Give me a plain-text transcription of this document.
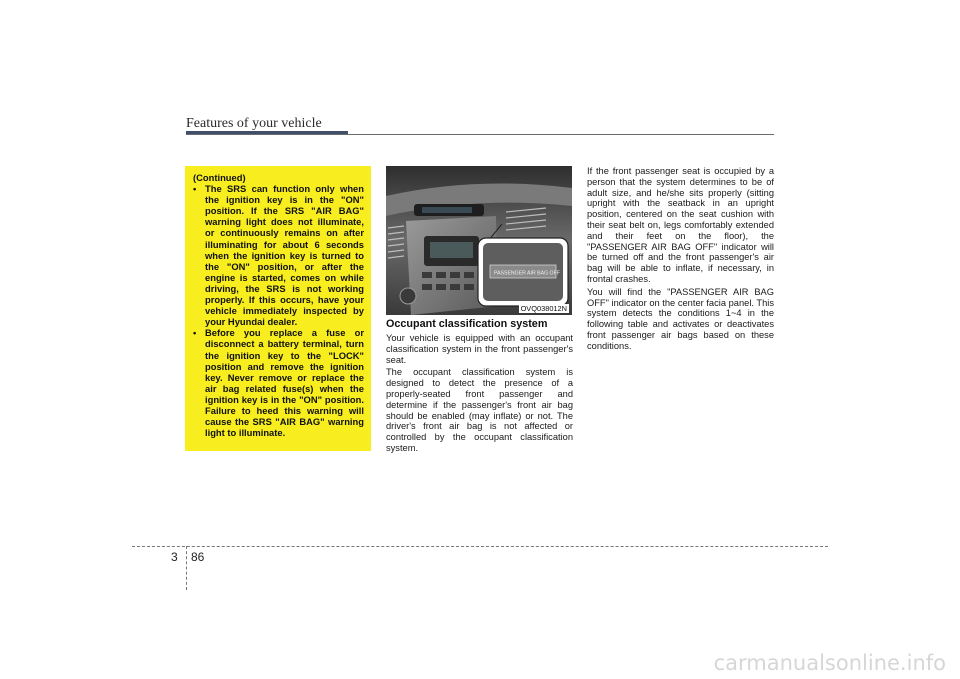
Features of your vehicle
(Continued)
• The SRS can function only when the ignition key is in the "ON" position. If the SRS "AIR BAG" warning light does not illuminate, or continuously remains on after illuminating for about 6 seconds when the ignition key is turned to the "ON" position, or after the engine is started, comes on while driving, the SRS is not working properly. If this occurs, have your vehicle immediately inspected by your Hyundai dealer.
• Before you replace a fuse or disconnect a battery terminal, turn the ignition key to the "LOCK" position and remove the ignition key. Never remove or replace the air bag related fuse(s) when the ignition key is in the "ON" position. Failure to heed this warning will cause the SRS "AIR BAG" warning light to illuminate.
PASSENGER AIR BAG OFF
OVQ038012N
Occupant classification system

Your vehicle is equipped with an occupant classification system in the front passenger's seat.

The occupant classification system is designed to detect the presence of a properly-seated front passenger and determine if the passenger's front air bag should be enabled (may inflate) or not. The driver's front air bag is not affected or controlled by the occupant classification system.

If the front passenger seat is occupied by a person that the system determines to be of adult size, and he/she sits properly (sitting upright with the seatback in an upright position, centered on the seat cushion with their seat belt on, legs comfortably extended and their feet on the floor), the "PASSENGER AIR BAG OFF" indicator will be turned off and the front passenger's air bag will be able to inflate, if necessary, in frontal crashes.

You will find the "PASSENGER AIR BAG OFF" indicator on the center facia panel. This system detects the conditions 1~4 in the following table and activates or deactivates front passenger air bags based on these conditions.

3 86
carmanualsonline.info
